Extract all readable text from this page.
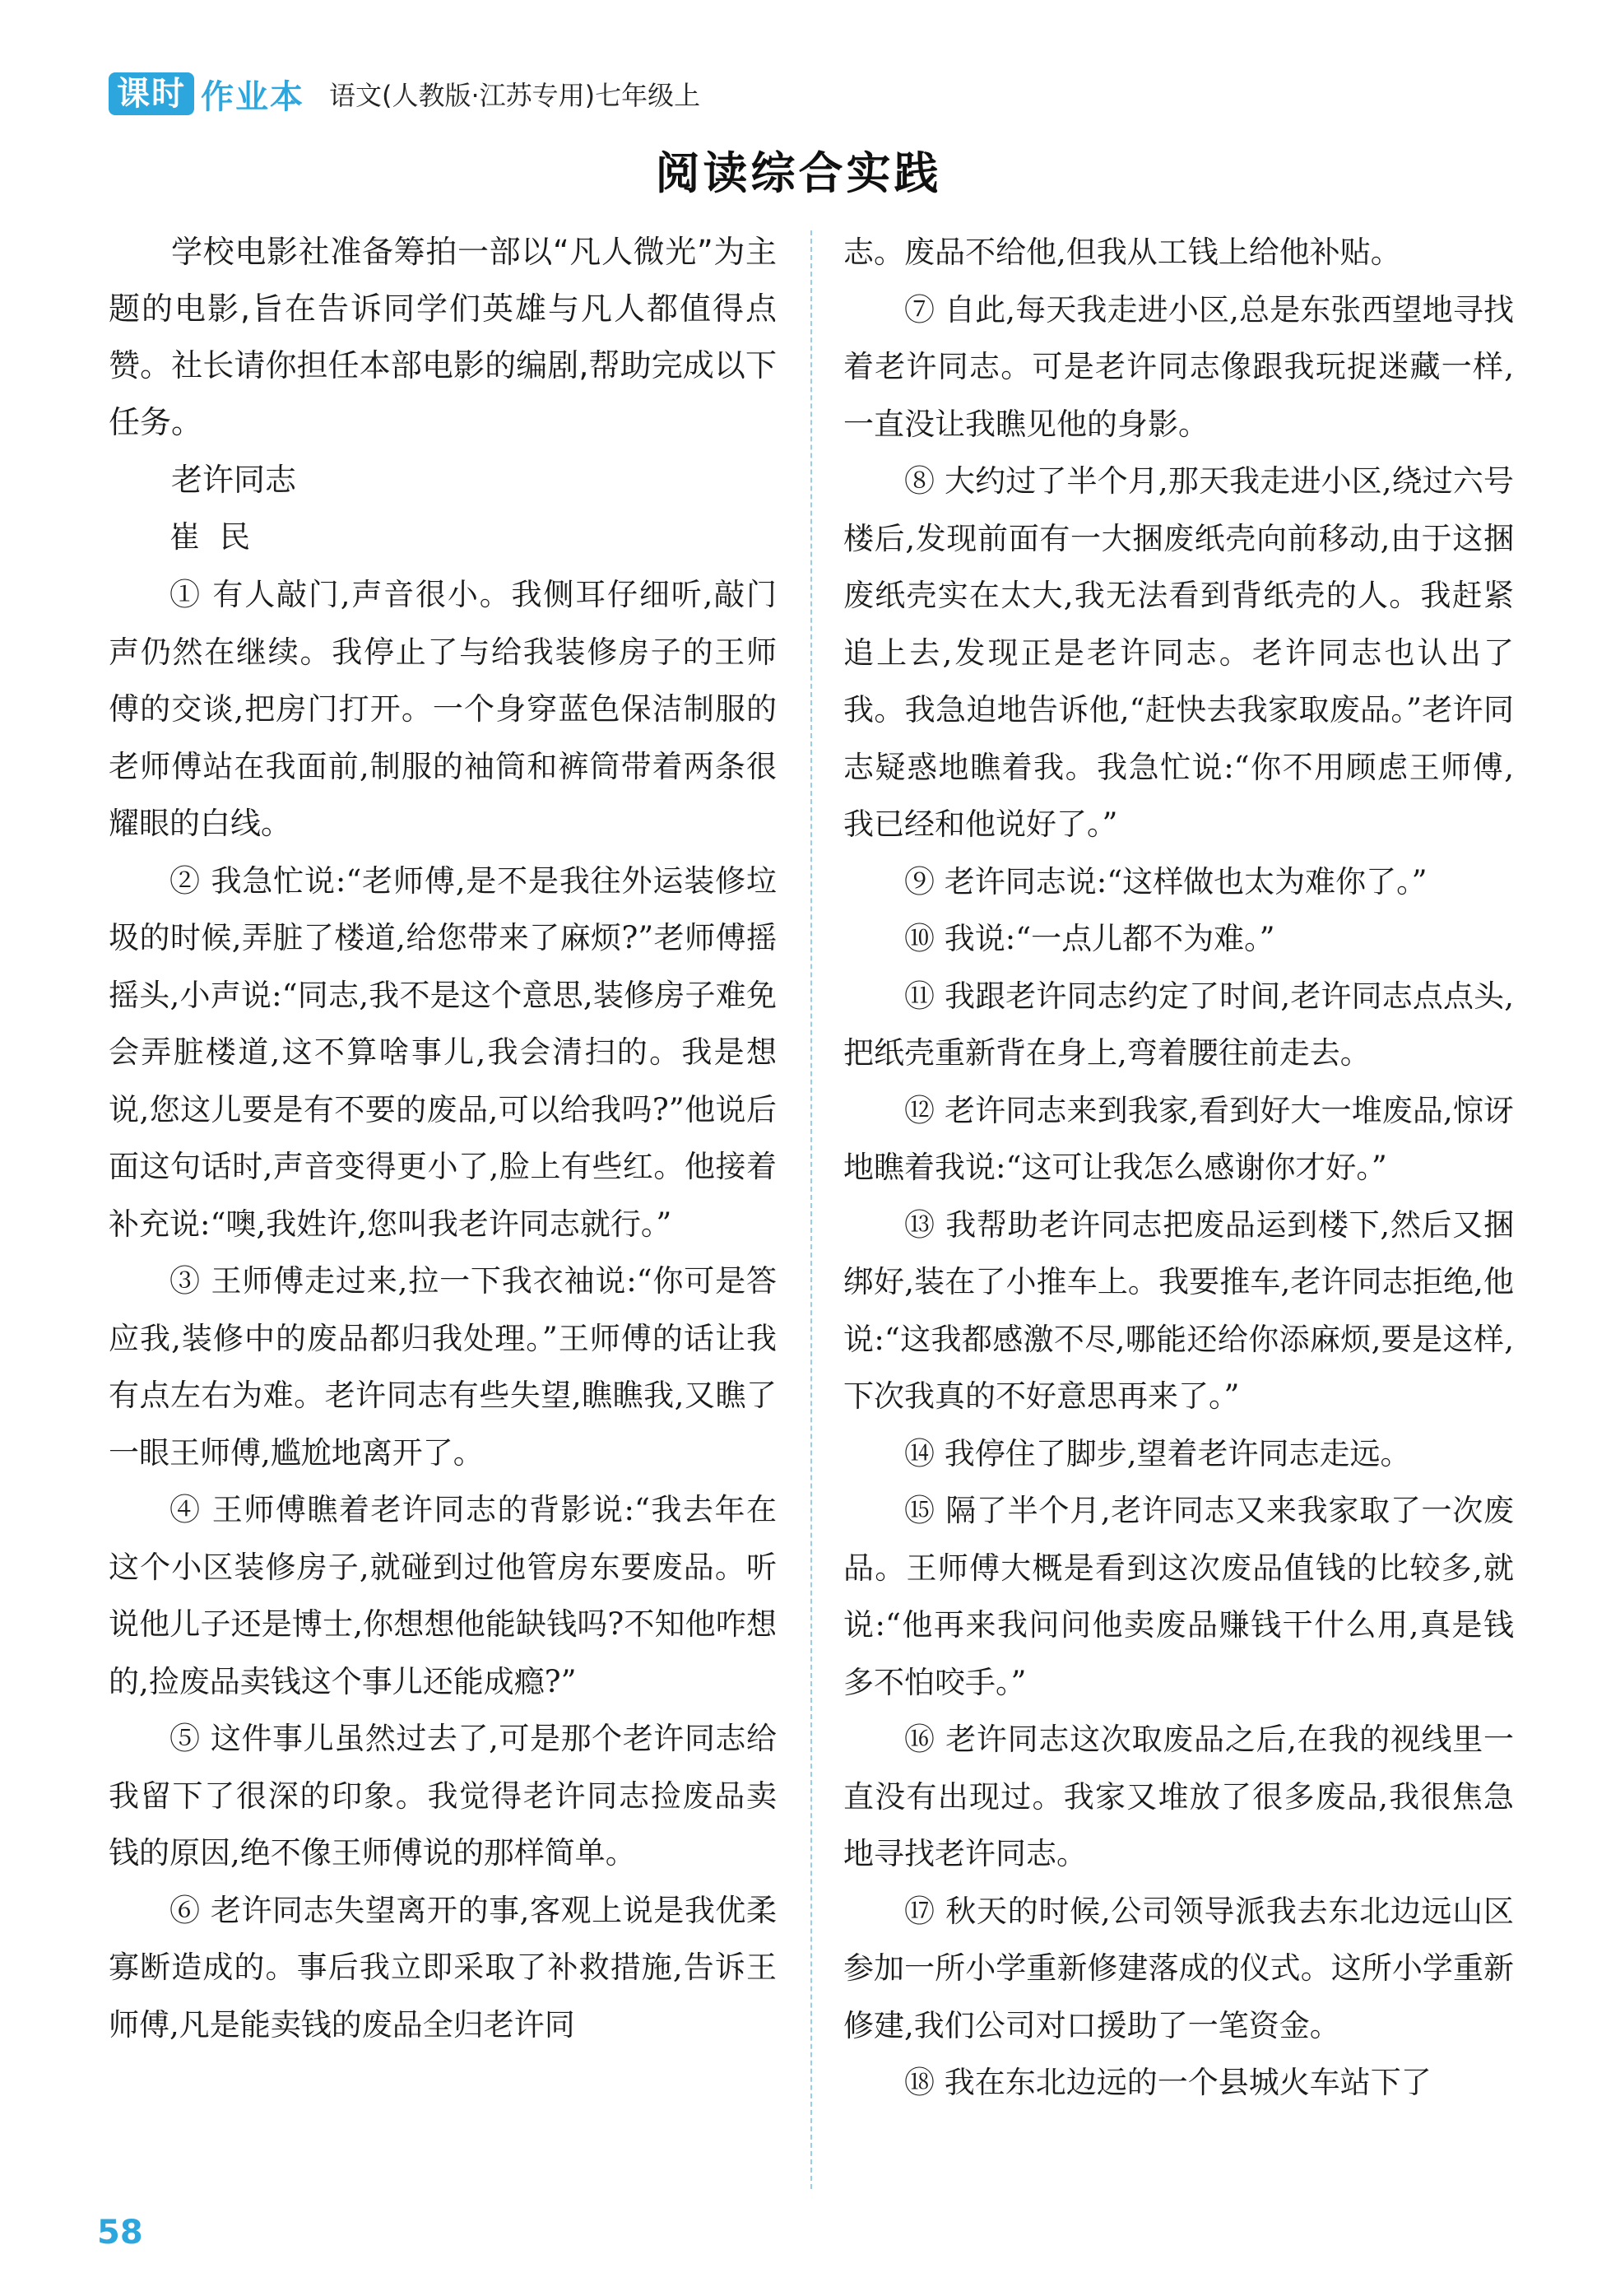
课时 作业本 语文(人教版·江苏专用)七年级上
阅读综合实践

学校电影社准备筹拍一部以“凡人微光”为主题的电影,旨在告诉同学们英雄与凡人都值得点赞。社长请你担任本部电影的编剧,帮助完成以下任务。

老许同志

崔民

① 有人敲门,声音很小。我侧耳仔细听,敲门声仍然在继续。我停止了与给我装修房子的王师傅的交谈,把房门打开。一个身穿蓝色保洁制服的老师傅站在我面前,制服的袖筒和裤筒带着两条很耀眼的白线。

② 我急忙说:“老师傅,是不是我往外运装修垃圾的时候,弄脏了楼道,给您带来了麻烦?”老师傅摇摇头,小声说:“同志,我不是这个意思,装修房子难免会弄脏楼道,这不算啥事儿,我会清扫的。我是想说,您这儿要是有不要的废品,可以给我吗?”他说后面这句话时,声音变得更小了,脸上有些红。他接着补充说:“噢,我姓许,您叫我老许同志就行。”

③ 王师傅走过来,拉一下我衣袖说:“你可是答应我,装修中的废品都归我处理。”王师傅的话让我有点左右为难。老许同志有些失望,瞧瞧我,又瞧了一眼王师傅,尴尬地离开了。

④ 王师傅瞧着老许同志的背影说:“我去年在这个小区装修房子,就碰到过他管房东要废品。听说他儿子还是博士,你想想他能缺钱吗?不知他咋想的,捡废品卖钱这个事儿还能成瘾?”

⑤ 这件事儿虽然过去了,可是那个老许同志给我留下了很深的印象。我觉得老许同志捡废品卖钱的原因,绝不像王师傅说的那样简单。

⑥ 老许同志失望离开的事,客观上说是我优柔寡断造成的。事后我立即采取了补救措施,告诉王师傅,凡是能卖钱的废品全归老许同

志。废品不给他,但我从工钱上给他补贴。

⑦ 自此,每天我走进小区,总是东张西望地寻找着老许同志。可是老许同志像跟我玩捉迷藏一样,一直没让我瞧见他的身影。

⑧ 大约过了半个月,那天我走进小区,绕过六号楼后,发现前面有一大捆废纸壳向前移动,由于这捆废纸壳实在太大,我无法看到背纸壳的人。我赶紧追上去,发现正是老许同志。老许同志也认出了我。我急迫地告诉他,“赶快去我家取废品。”老许同志疑惑地瞧着我。我急忙说:“你不用顾虑王师傅,我已经和他说好了。”

⑨ 老许同志说:“这样做也太为难你了。”

⑩ 我说:“一点儿都不为难。”

⑪ 我跟老许同志约定了时间,老许同志点点头,把纸壳重新背在身上,弯着腰往前走去。

⑫ 老许同志来到我家,看到好大一堆废品,惊讶地瞧着我说:“这可让我怎么感谢你才好。”

⑬ 我帮助老许同志把废品运到楼下,然后又捆绑好,装在了小推车上。我要推车,老许同志拒绝,他说:“这我都感激不尽,哪能还给你添麻烦,要是这样,下次我真的不好意思再来了。”

⑭ 我停住了脚步,望着老许同志走远。

⑮ 隔了半个月,老许同志又来我家取了一次废品。王师傅大概是看到这次废品值钱的比较多,就说:“他再来我问问他卖废品赚钱干什么用,真是钱多不怕咬手。”

⑯ 老许同志这次取废品之后,在我的视线里一直没有出现过。我家又堆放了很多废品,我很焦急地寻找老许同志。

⑰ 秋天的时候,公司领导派我去东北边远山区参加一所小学重新修建落成的仪式。这所小学重新修建,我们公司对口援助了一笔资金。

⑱ 我在东北边远的一个县城火车站下了

58
